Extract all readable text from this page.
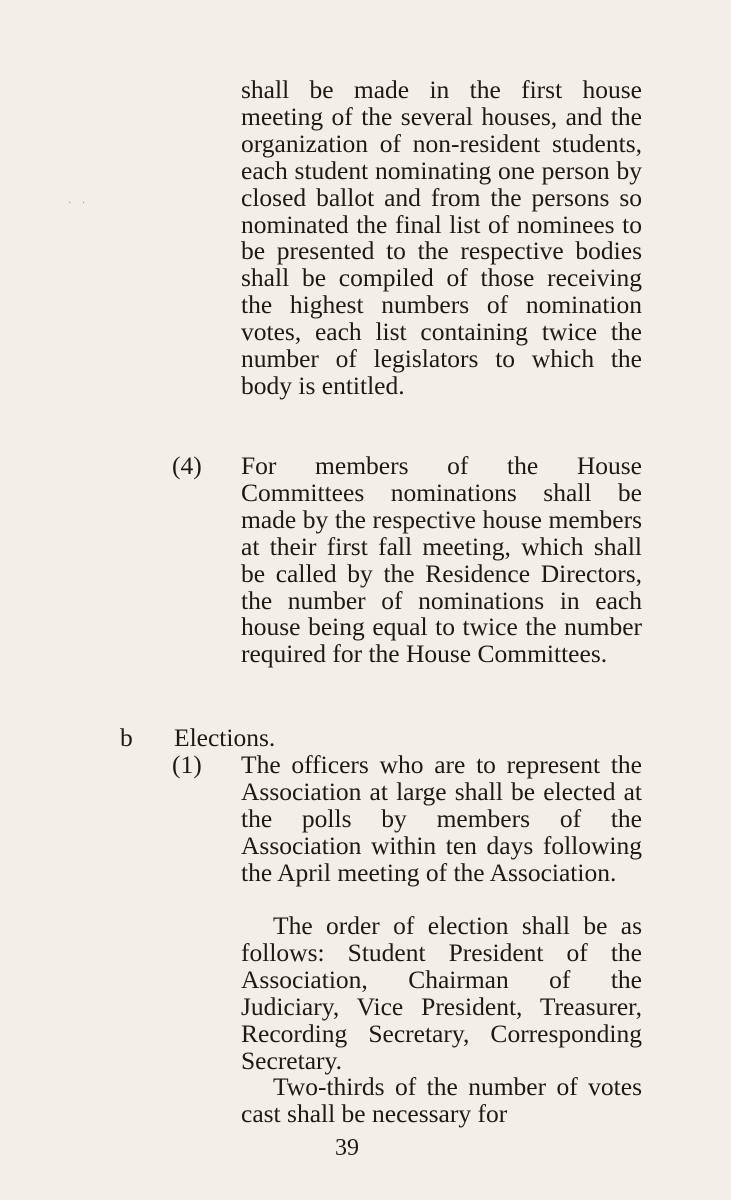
· ·
shall be made in the first house meeting of the several houses, and the organization of non-resident students, each student nominating one person by closed ballot and from the persons so nominated the final list of nominees to be presented to the respective bodies shall be compiled of those receiving the highest numbers of nomination votes, each list containing twice the number of legislators to which the body is entitled.
(4) For members of the House Committees nominations shall be made by the respective house members at their first fall meeting, which shall be called by the Residence Directors, the number of nominations in each house being equal to twice the number required for the House Committees.
b Elections.
(1) The officers who are to represent the Association at large shall be elected at the polls by members of the Association within ten days following the April meeting of the Association.
The order of election shall be as follows: Student President of the Association, Chairman of the Judiciary, Vice President, Treasurer, Recording Secretary, Corresponding Secretary.
Two-thirds of the number of votes cast shall be necessary for
39
